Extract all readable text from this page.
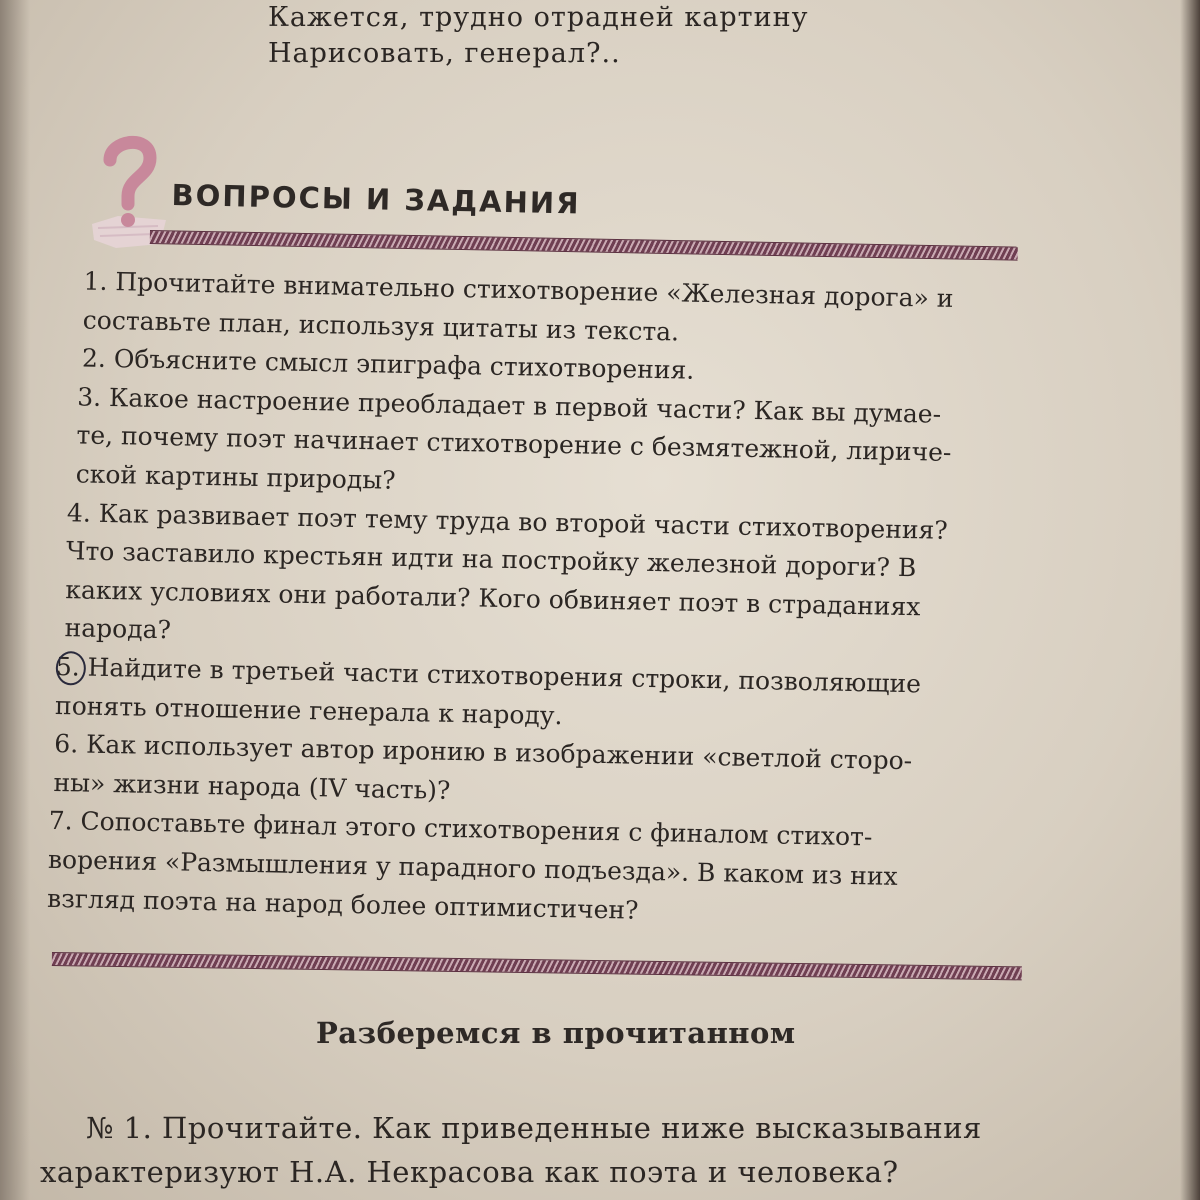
Кажется, трудно отрадней картину
Нарисовать, генерал?..
ВОПРОСЫ И ЗАДАНИЯ
1. Прочитайте внимательно стихотворение «Железная дорога» и
составьте план, используя цитаты из текста.
2. Объясните смысл эпиграфа стихотворения.
3. Какое настроение преобладает в первой части? Как вы думае-
те, почему поэт начинает стихотворение с безмятежной, лириче-
ской картины природы?
4. Как развивает поэт тему труда во второй части стихотворения?
Что заставило крестьян идти на постройку железной дороги? В
каких условиях они работали? Кого обвиняет поэт в страданиях
народа?
5. Найдите в третьей части стихотворения строки, позволяющие
понять отношение генерала к народу.
6. Как использует автор иронию в изображении «светлой сторо-
ны» жизни народа (IV часть)?
7. Сопоставьте финал этого стихотворения с финалом стихот-
ворения «Размышления у парадного подъезда». В каком из них
взгляд поэта на народ более оптимистичен?
Разберемся в прочитанном
№ 1. Прочитайте. Как приведенные ниже высказывания
характеризуют Н.А. Некрасова как поэта и человека?
